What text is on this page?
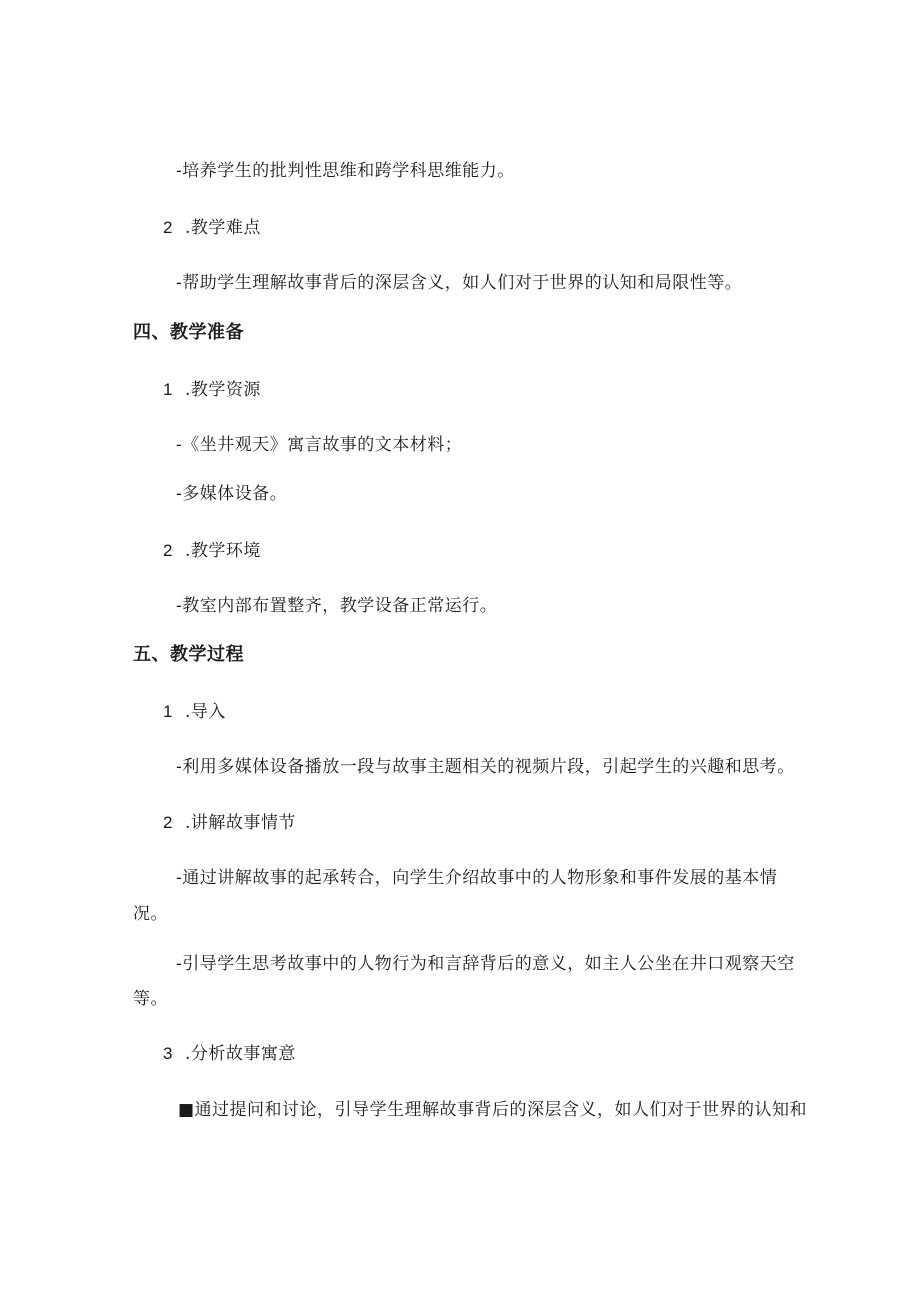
-培养学生的批判性思维和跨学科思维能力。
2 .教学难点
-帮助学生理解故事背后的深层含义，如人们对于世界的认知和局限性等。
四、教学准备
1 .教学资源
-《坐井观天》寓言故事的文本材料；
-多媒体设备。
2 .教学环境
-教室内部布置整齐，教学设备正常运行。
五、教学过程
1 .导入
-利用多媒体设备播放一段与故事主题相关的视频片段，引起学生的兴趣和思考。
2 .讲解故事情节
-通过讲解故事的起承转合，向学生介绍故事中的人物形象和事件发展的基本情
况。
-引导学生思考故事中的人物行为和言辞背后的意义，如主人公坐在井口观察天空
等。
3 .分析故事寓意
■通过提问和讨论，引导学生理解故事背后的深层含义，如人们对于世界的认知和
